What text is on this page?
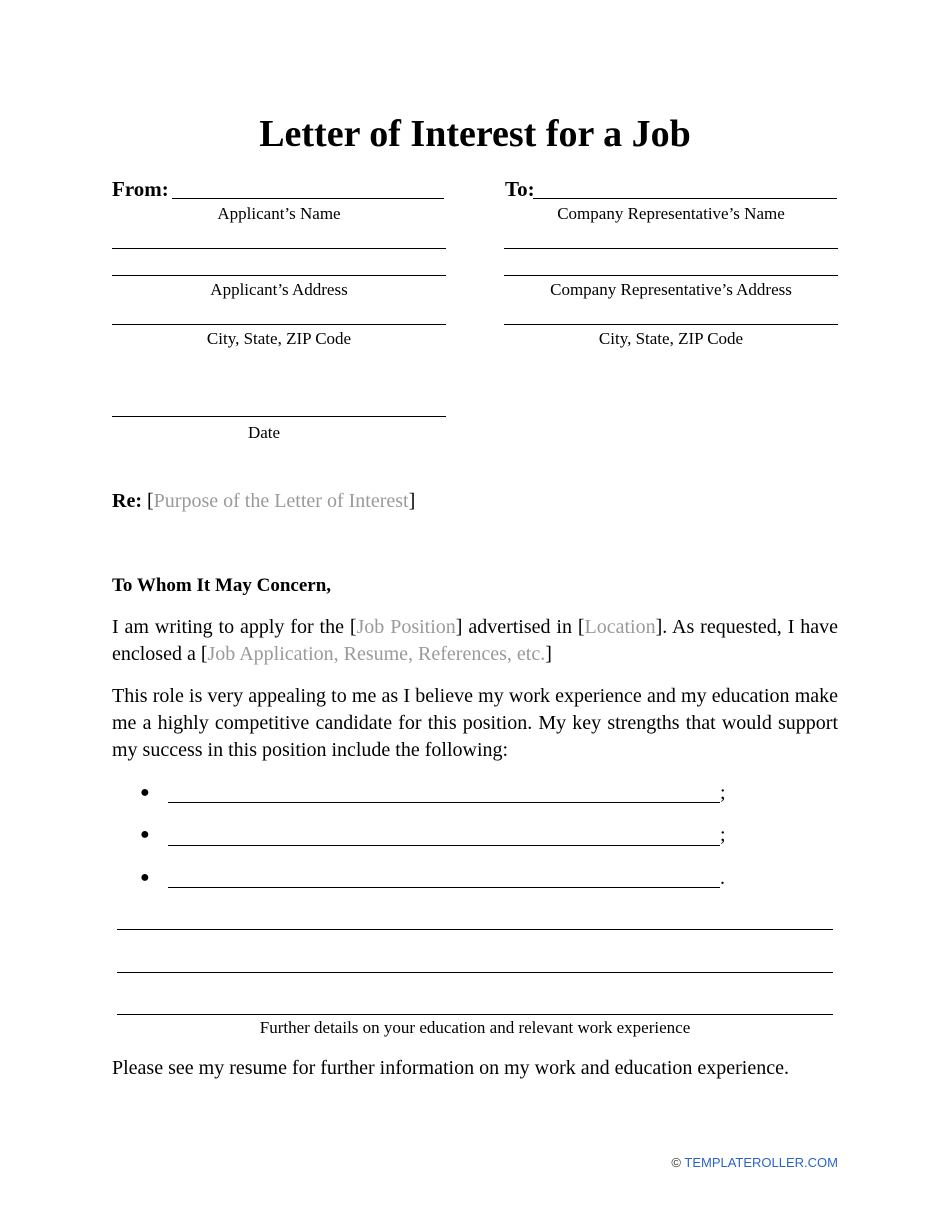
Letter of Interest for a Job
From:
Applicant’s Name
Applicant’s Address
City, State, ZIP Code
Date
To:
Company Representative’s Name
Company Representative’s Address
City, State, ZIP Code
Re: [Purpose of the Letter of Interest]
To Whom It May Concern,
I am writing to apply for the [Job Position] advertised in [Location]. As requested, I have enclosed a [Job Application, Resume, References, etc.]
This role is very appealing to me as I believe my work experience and my education make me a highly competitive candidate for this position. My key strengths that would support my success in this position include the following:
●	;
●	;
●	.
Further details on your education and relevant work experience
Please see my resume for further information on my work and education experience.
© TEMPLATEROLLER.COM
